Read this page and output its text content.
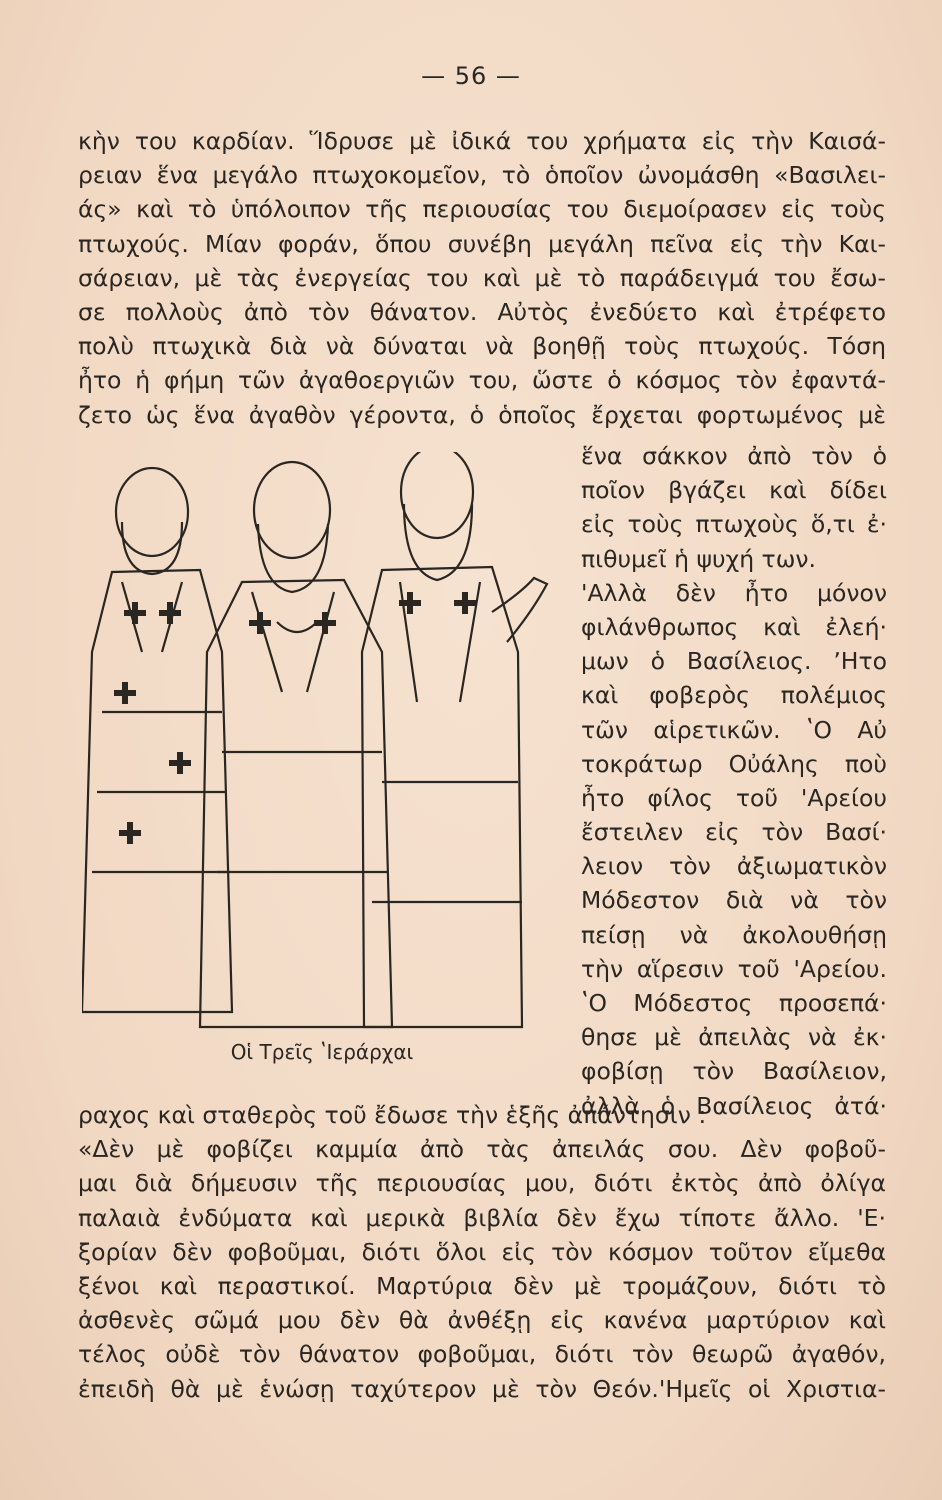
— 56 —
κὴν του καρδίαν. Ἵδρυσε μὲ ἰδικά του χρήματα εἰς τὴν Καισά-
ρειαν ἕνα μεγάλο πτωχοκομεῖον, τὸ ὁποῖον ὠνομάσθη «Βασιλει-
άς» καὶ τὸ ὑπόλοιπον τῆς περιουσίας του διεμοίρασεν εἰς τοὺς
πτωχούς. Μίαν φοράν, ὅπου συνέβη μεγάλη πεῖνα εἰς τὴν Και-
σάρειαν, μὲ τὰς ἐνεργείας του καὶ μὲ τὸ παράδειγμά του ἔσω-
σε πολλοὺς ἀπὸ τὸν θάνατον. Αὐτὸς ἐνεδύετο καὶ ἐτρέφετο
πολὺ πτωχικὰ διὰ νὰ δύναται νὰ βοηθῇ τοὺς πτωχούς. Τόση
ἦτο ἡ φήμη τῶν ἀγαθοεργιῶν του, ὥστε ὁ κόσμος τὸν ἐφαντά-
ζετο ὡς ἕνα ἀγαθὸν γέροντα, ὁ ὁποῖος ἔρχεται φορτωμένος μὲ
Οἱ Τρεῖς ʽΙεράρχαι
ἕνα σάκκον ἀπὸ τὸν ὁ
ποῖον βγάζει καὶ δίδει
εἰς τοὺς πτωχοὺς ὅ,τι ἐ·
πιθυμεῖ ἡ ψυχή των.
'Αλλὰ δὲν ἦτο μόνον
φιλάνθρωπος καὶ ἐλεή·
μων ὁ Βασίλειος. ʼΗτο
καὶ φοβερὸς πολέμιος
τῶν αἱρετικῶν. ʽΟ Αὐ
τοκράτωρ Οὐάλης ποὺ
ἦτο φίλος τοῦ 'Αρείου
ἔστειλεν εἰς τὸν Βασί·
λειον τὸν ἀξιωματικὸν
Μόδεστον διὰ νὰ τὸν
πείσῃ νὰ ἀκολουθήσῃ
τὴν αἵρεσιν τοῦ 'Αρείου.
ʽΟ Μόδεστος προσεπά·
θησε μὲ ἀπειλὰς νὰ ἐκ·
φοβίσῃ τὸν Βασίλειον,
ἀλλὰ ὁ Βασίλειος ἀτά·
ραχος καὶ σταθερὸς τοῦ ἔδωσε τὴν ἑξῆς ἀπάντησιν :
«Δὲν μὲ φοβίζει καμμία ἀπὸ τὰς ἀπειλάς σου. Δὲν φοβοῦ-
μαι διὰ δήμευσιν τῆς περιουσίας μου, διότι ἐκτὸς ἀπὸ ὀλίγα
παλαιὰ ἐνδύματα καὶ μερικὰ βιβλία δὲν ἔχω τίποτε ἄλλο. 'Ε·
ξορίαν δὲν φοβοῦμαι, διότι ὅλοι εἰς τὸν κόσμον τοῦτον εἴμεθα
ξένοι καὶ περαστικοί. Μαρτύρια δὲν μὲ τρομάζουν, διότι τὸ
ἀσθενὲς σῶμά μου δὲν θὰ ἀνθέξῃ εἰς κανένα μαρτύριον καὶ
τέλος οὐδὲ τὸν θάνατον φοβοῦμαι, διότι τὸν θεωρῶ ἀγαθόν,
ἐπειδὴ θὰ μὲ ἑνώσῃ ταχύτερον μὲ τὸν Θεόν.'Ημεῖς οἱ Χριστια-
